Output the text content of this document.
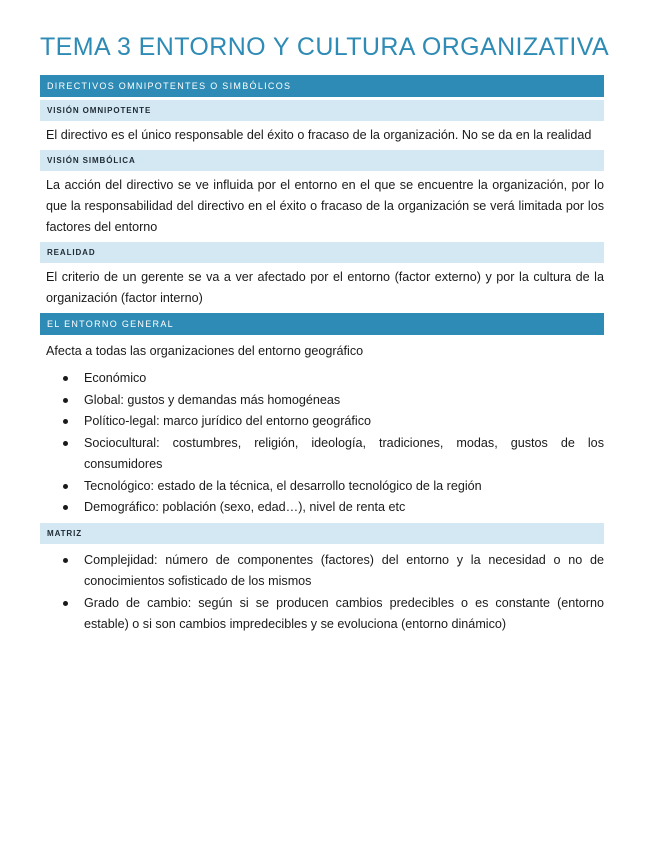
TEMA 3 ENTORNO Y CULTURA ORGANIZATIVA
DIRECTIVOS OMNIPOTENTES O SIMBÓLICOS
VISIÓN OMNIPOTENTE

El directivo es el único responsable del éxito o fracaso de la organización. No se da en la realidad

VISIÓN SIMBÓLICA

La acción del directivo se ve influida por el entorno en el que se encuentre la organización, por lo que la responsabilidad del directivo en el éxito o fracaso de la organización se verá limitada por los factores del entorno

REALIDAD

El criterio de un gerente se va a ver afectado por el entorno (factor externo) y por la cultura de la organización (factor interno)

EL ENTORNO GENERAL

Afecta a todas las organizaciones del entorno geográfico

Económico
Global: gustos y demandas más homogéneas
Político-legal: marco jurídico del entorno geográfico
Sociocultural: costumbres, religión, ideología, tradiciones, modas, gustos de los consumidores
Tecnológico: estado de la técnica, el desarrollo tecnológico de la región
Demográfico: población (sexo, edad…), nivel de renta etc
MATRIZ
Complejidad: número de componentes (factores) del entorno y la necesidad o no de conocimientos sofisticado de los mismos
Grado de cambio: según si se producen cambios predecibles o es constante (entorno estable) o si son cambios impredecibles y se evoluciona (entorno dinámico)
